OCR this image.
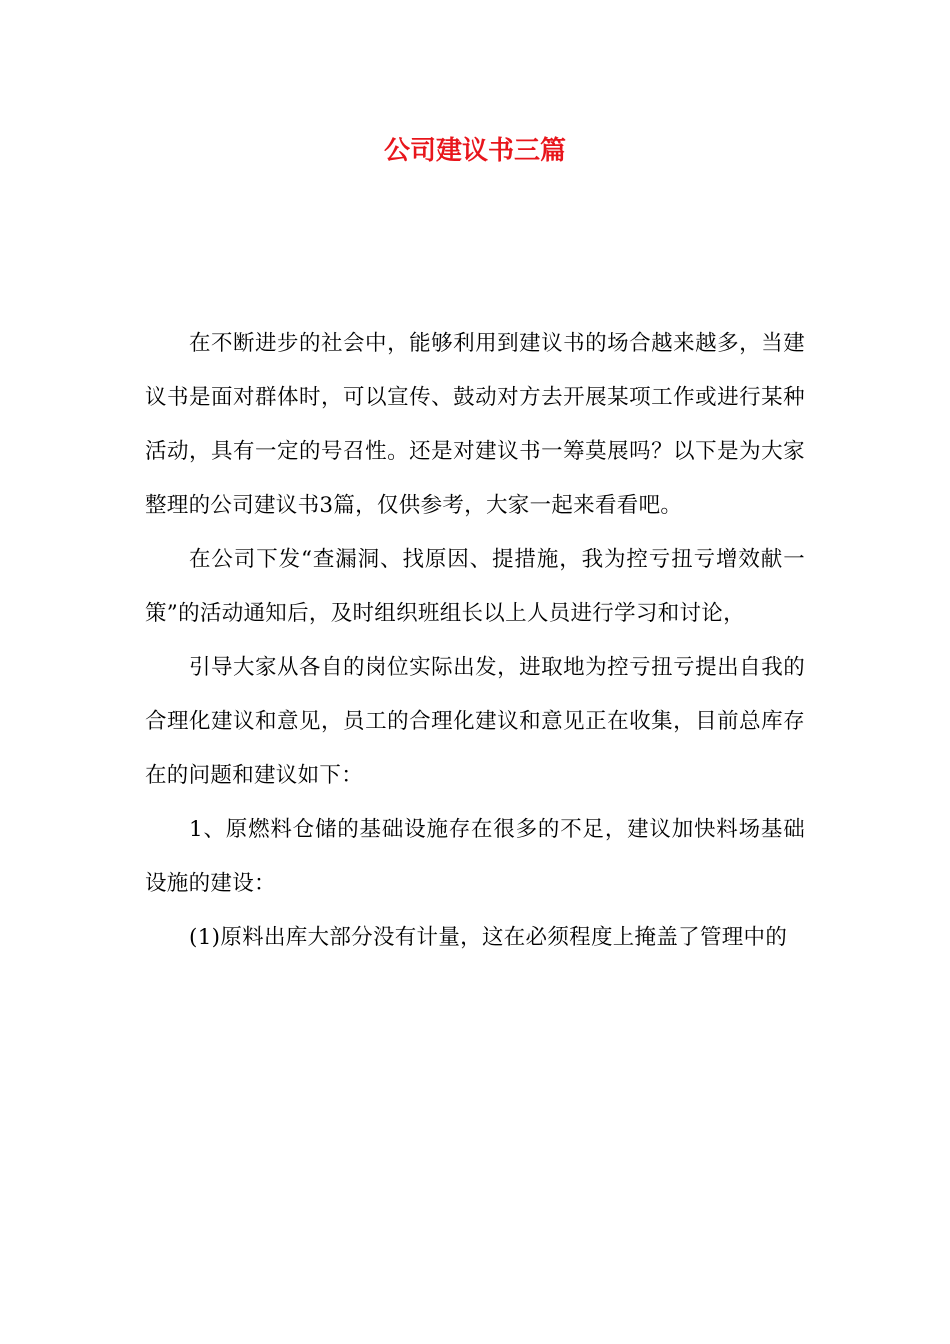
公司建议书三篇

在不断进步的社会中，能够利用到建议书的场合越来越多，当建议书是面对群体时，可以宣传、鼓动对方去开展某项工作或进行某种活动，具有一定的号召性。还是对建议书一筹莫展吗？以下是为大家整理的公司建议书3篇，仅供参考，大家一起来看看吧。

在公司下发“查漏洞、找原因、提措施，我为控亏扭亏增效献一策”的活动通知后，及时组织班组长以上人员进行学习和讨论，

引导大家从各自的岗位实际出发，进取地为控亏扭亏提出自我的合理化建议和意见，员工的合理化建议和意见正在收集，目前总库存在的问题和建议如下：

1、原燃料仓储的基础设施存在很多的不足，建议加快料场基础设施的建设：

(1)原料出库大部分没有计量，这在必须程度上掩盖了管理中的
